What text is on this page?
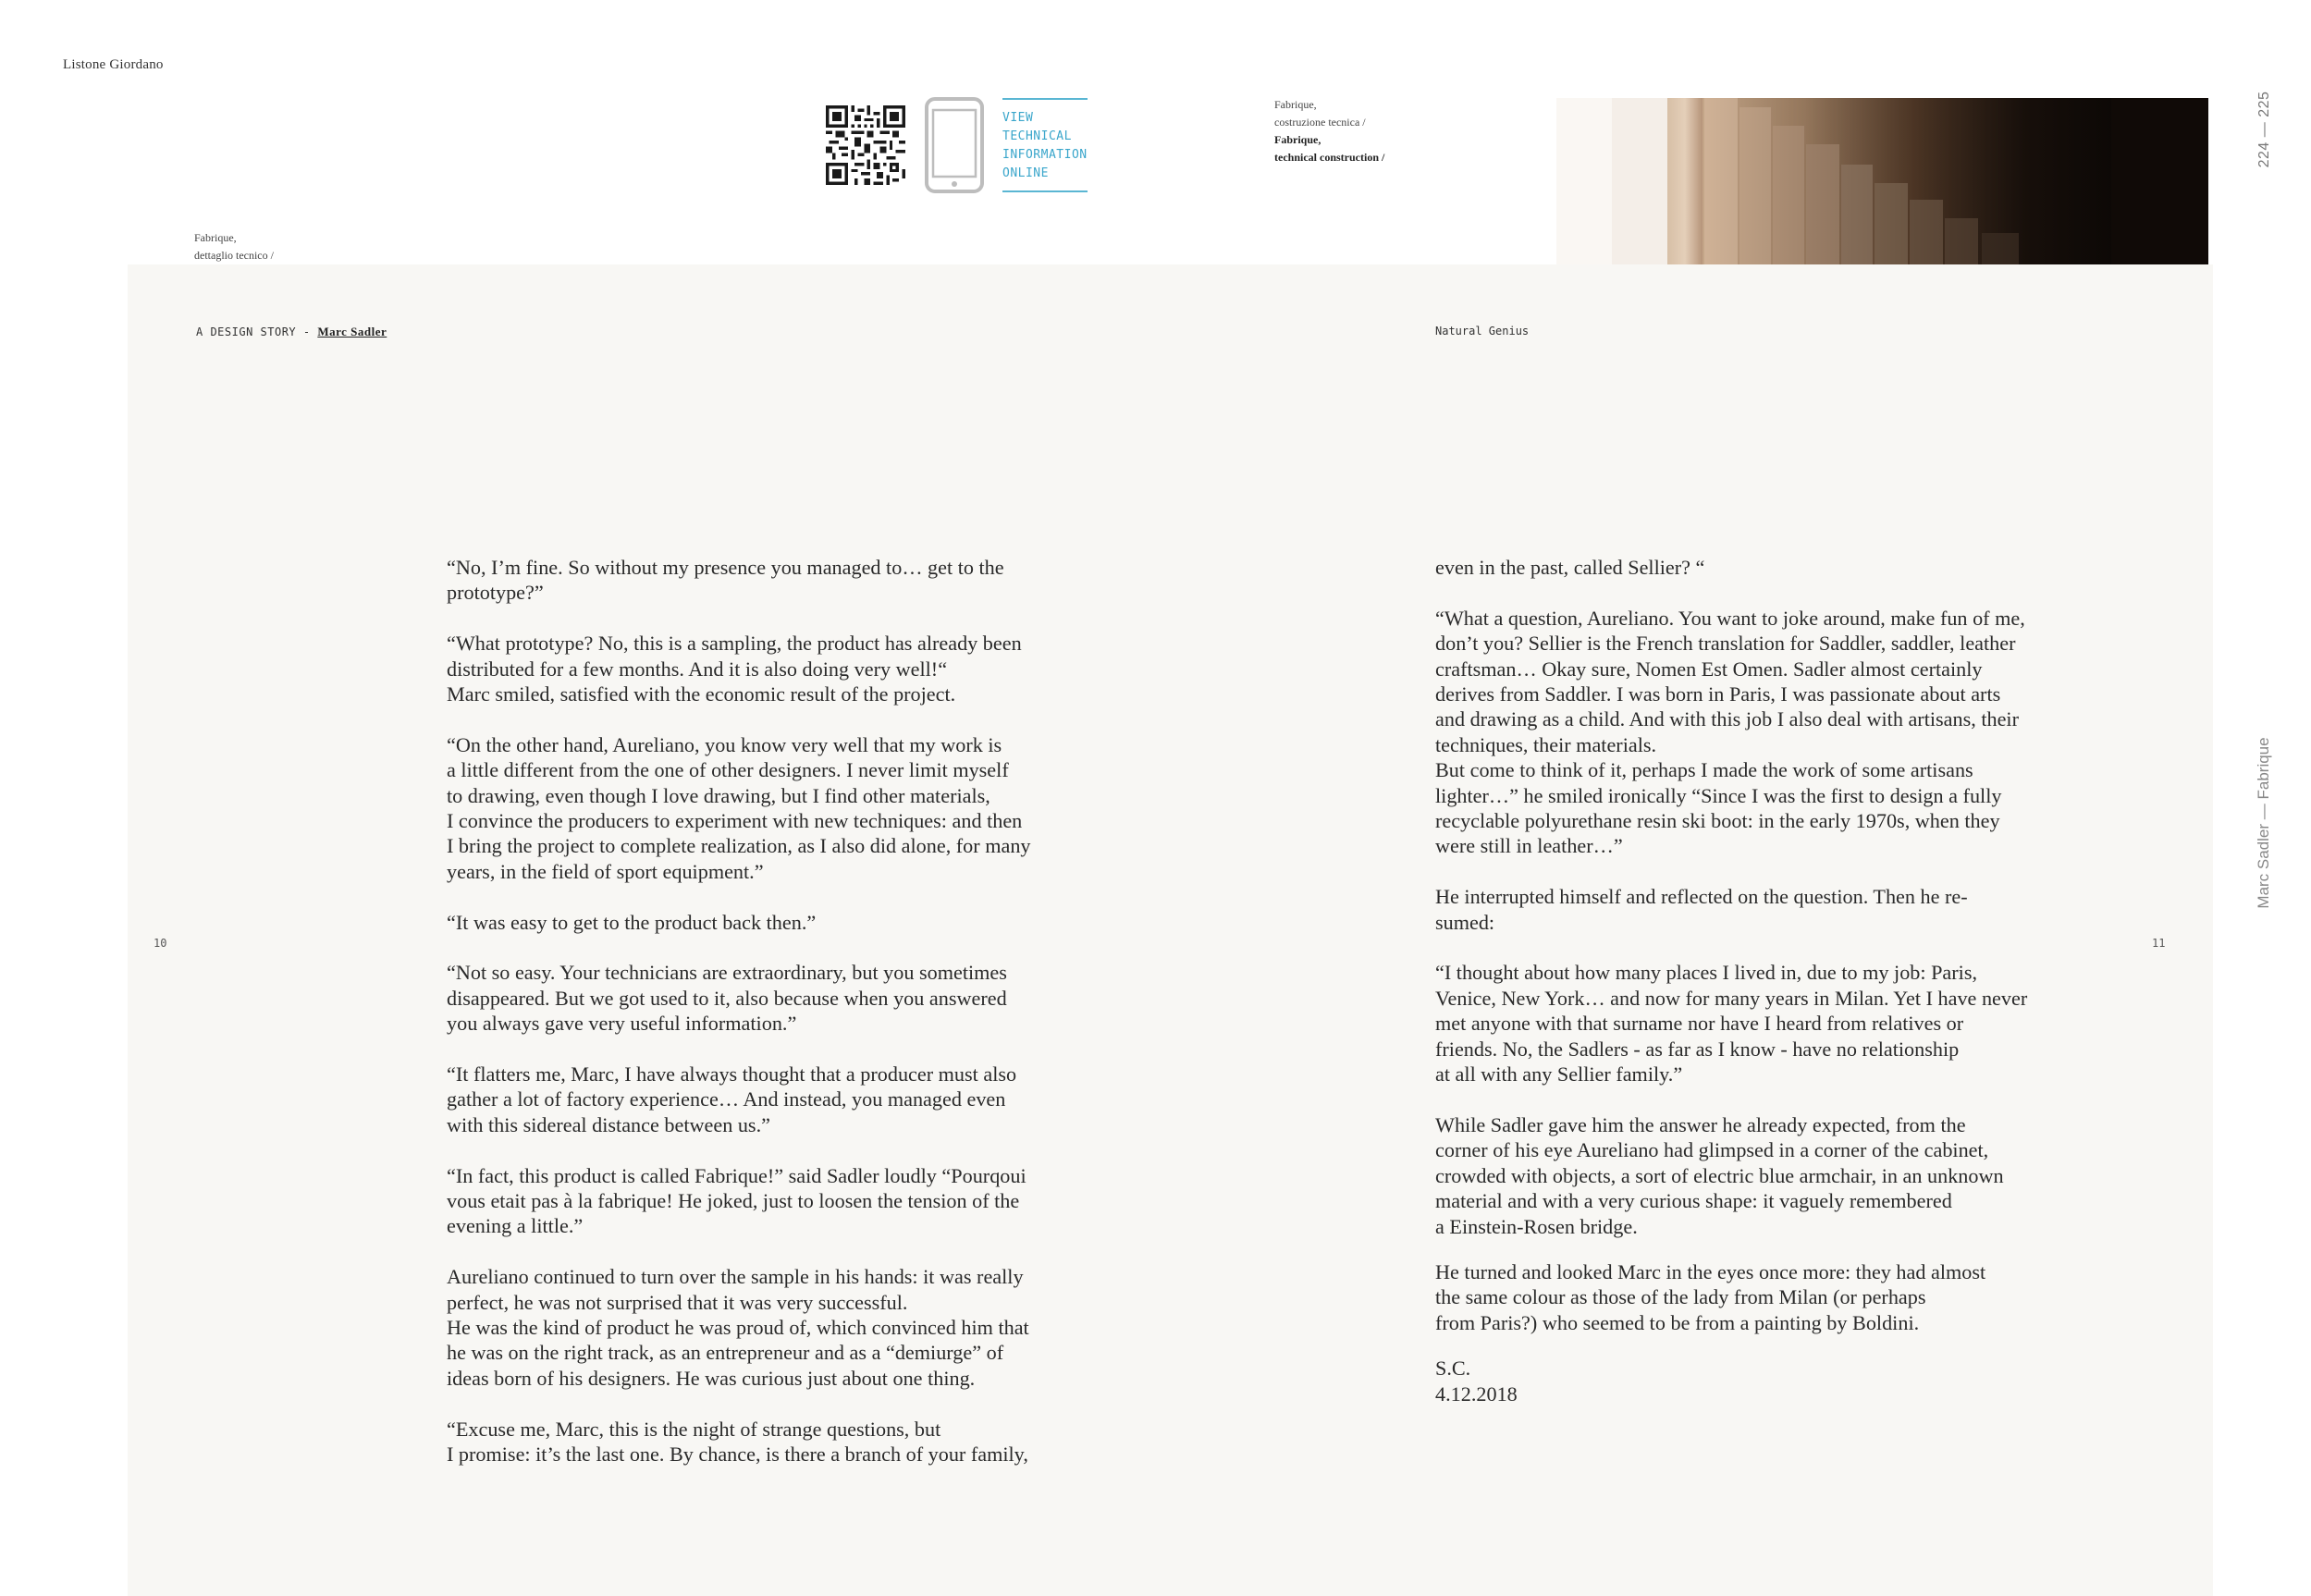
Listone Giordano
224 — 225
VIEW
TECHNICAL
INFORMATION
ONLINE
Fabrique,
costruzione tecnica /
Fabrique,
technical construction /
Fabrique,
dettaglio tecnico /
A DESIGN STORY - Marc Sadler	Natural Genius
10	11
Marc Sadler — Fabrique

“No, I’m fine. So without my presence you managed to… get to the
prototype?”

“What prototype? No, this is a sampling, the product has already been
distributed for a few months. And it is also doing very well!“
Marc smiled, satisfied with the economic result of the project.

“On the other hand, Aureliano, you know very well that my work is
a little different from the one of other designers. I never limit myself
to drawing, even though I love drawing, but I find other materials,
I convince the producers to experiment with new techniques: and then
I bring the project to complete realization, as I also did alone, for many
years, in the field of sport equipment.”

“It was easy to get to the product back then.”

“Not so easy. Your technicians are extraordinary, but you sometimes
disappeared. But we got used to it, also because when you answered
you always gave very useful information.”

“It flatters me, Marc, I have always thought that a producer must also
gather a lot of factory experience… And instead, you managed even
with this sidereal distance between us.”

“In fact, this product is called Fabrique!” said Sadler loudly “Pourqoui
vous etait pas à la fabrique! He joked, just to loosen the tension of the
evening a little.”

Aureliano continued to turn over the sample in his hands: it was really
perfect, he was not surprised that it was very successful.
He was the kind of product he was proud of, which convinced him that
he was on the right track, as an entrepreneur and as a “demiurge” of
ideas born of his designers. He was curious just about one thing.

“Excuse me, Marc, this is the night of strange questions, but
I promise: it’s the last one. By chance, is there a branch of your family,

even in the past, called Sellier? “

“What a question, Aureliano. You want to joke around, make fun of me,
don’t you? Sellier is the French translation for Saddler, saddler, leather
craftsman… Okay sure, Nomen Est Omen. Sadler almost certainly
derives from Saddler. I was born in Paris, I was passionate about arts
and drawing as a child. And with this job I also deal with artisans, their
techniques, their materials.
But come to think of it, perhaps I made the work of some artisans
lighter…” he smiled ironically “Since I was the first to design a fully
recyclable polyurethane resin ski boot: in the early 1970s, when they
were still in leather…”

He interrupted himself and reflected on the question. Then he re-
sumed:

“I thought about how many places I lived in, due to my job: Paris,
Venice, New York… and now for many years in Milan. Yet I have never
met anyone with that surname nor have I heard from relatives or
friends. No, the Sadlers - as far as I know - have no relationship
at all with any Sellier family.”

While Sadler gave him the answer he already expected, from the
corner of his eye Aureliano had glimpsed in a corner of the cabinet,
crowded with objects, a sort of electric blue armchair, in an unknown
material and with a very curious shape: it vaguely remembered
a Einstein-Rosen bridge.

He turned and looked Marc in the eyes once more: they had almost
the same colour as those of the lady from Milan (or perhaps
from Paris?) who seemed to be from a painting by Boldini.

S.C.
4.12.2018
